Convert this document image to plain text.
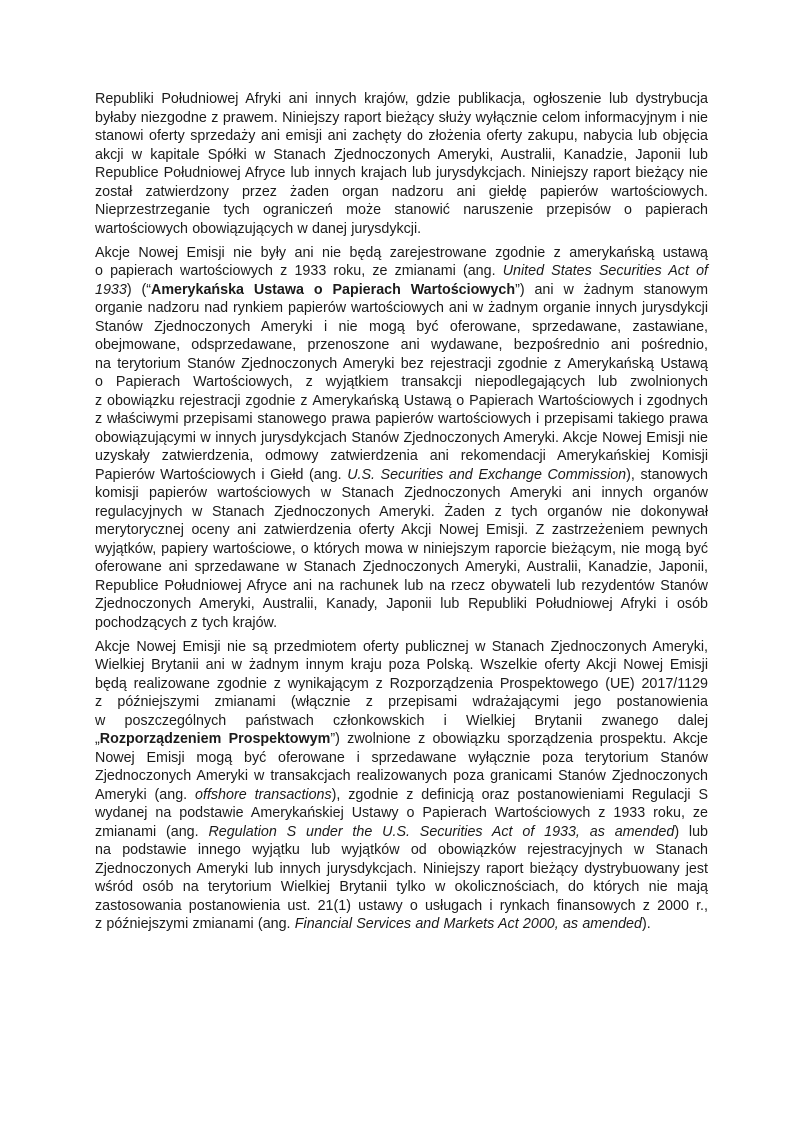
Republiki Południowej Afryki ani innych krajów, gdzie publikacja, ogłoszenie lub dystrybucja byłaby niezgodne z prawem. Niniejszy raport bieżący służy wyłącznie celom informacyjnym i nie stanowi oferty sprzedaży ani emisji ani zachęty do złożenia oferty zakupu, nabycia lub objęcia akcji w kapitale Spółki w Stanach Zjednoczonych Ameryki, Australii, Kanadzie, Japonii lub Republice Południowej Afryce lub innych krajach lub jurysdykcjach. Niniejszy raport bieżący nie został zatwierdzony przez żaden organ nadzoru ani giełdę papierów wartościowych. Nieprzestrzeganie tych ograniczeń może stanowić naruszenie przepisów o papierach wartościowych obowiązujących w danej jurysdykcji.

Akcje Nowej Emisji nie były ani nie będą zarejestrowane zgodnie z amerykańską ustawą o papierach wartościowych z 1933 roku, ze zmianami (ang. United States Securities Act of 1933) (“Amerykańska Ustawa o Papierach Wartościowych”) ani w żadnym stanowym organie nadzoru nad rynkiem papierów wartościowych ani w żadnym organie innych jurysdykcji Stanów Zjednoczonych Ameryki i nie mogą być oferowane, sprzedawane, zastawiane, obejmowane, odsprzedawane, przenoszone ani wydawane, bezpośrednio ani pośrednio, na terytorium Stanów Zjednoczonych Ameryki bez rejestracji zgodnie z Amerykańską Ustawą o Papierach Wartościowych, z wyjątkiem transakcji niepodlegających lub zwolnionych z obowiązku rejestracji zgodnie z Amerykańską Ustawą o Papierach Wartościowych i zgodnych z właściwymi przepisami stanowego prawa papierów wartościowych i przepisami takiego prawa obowiązującymi w innych jurysdykcjach Stanów Zjednoczonych Ameryki. Akcje Nowej Emisji nie uzyskały zatwierdzenia, odmowy zatwierdzenia ani rekomendacji Amerykańskiej Komisji Papierów Wartościowych i Giełd (ang. U.S. Securities and Exchange Commission), stanowych komisji papierów wartościowych w Stanach Zjednoczonych Ameryki ani innych organów regulacyjnych w Stanach Zjednoczonych Ameryki. Żaden z tych organów nie dokonywał merytorycznej oceny ani zatwierdzenia oferty Akcji Nowej Emisji. Z zastrzeżeniem pewnych wyjątków, papiery wartościowe, o których mowa w niniejszym raporcie bieżącym, nie mogą być oferowane ani sprzedawane w Stanach Zjednoczonych Ameryki, Australii, Kanadzie, Japonii, Republice Południowej Afryce ani na rachunek lub na rzecz obywateli lub rezydentów Stanów Zjednoczonych Ameryki, Australii, Kanady, Japonii lub Republiki Południowej Afryki i osób pochodzących z tych krajów.

Akcje Nowej Emisji nie są przedmiotem oferty publicznej w Stanach Zjednoczonych Ameryki, Wielkiej Brytanii ani w żadnym innym kraju poza Polską. Wszelkie oferty Akcji Nowej Emisji będą realizowane zgodnie z wynikającym z Rozporządzenia Prospektowego (UE) 2017/1129 z późniejszymi zmianami (włącznie z przepisami wdrażającymi jego postanowienia w poszczególnych państwach członkowskich i Wielkiej Brytanii zwanego dalej „Rozporządzeniem Prospektowym”) zwolnione z obowiązku sporządzenia prospektu. Akcje Nowej Emisji mogą być oferowane i sprzedawane wyłącznie poza terytorium Stanów Zjednoczonych Ameryki w transakcjach realizowanych poza granicami Stanów Zjednoczonych Ameryki (ang. offshore transactions), zgodnie z definicją oraz postanowieniami Regulacji S wydanej na podstawie Amerykańskiej Ustawy o Papierach Wartościowych z 1933 roku, ze zmianami (ang. Regulation S under the U.S. Securities Act of 1933, as amended) lub na podstawie innego wyjątku lub wyjątków od obowiązków rejestracyjnych w Stanach Zjednoczonych Ameryki lub innych jurysdykcjach. Niniejszy raport bieżący dystrybuowany jest wśród osób na terytorium Wielkiej Brytanii tylko w okolicznościach, do których nie mają zastosowania postanowienia ust. 21(1) ustawy o usługach i rynkach finansowych z 2000 r., z późniejszymi zmianami (ang. Financial Services and Markets Act 2000, as amended).
